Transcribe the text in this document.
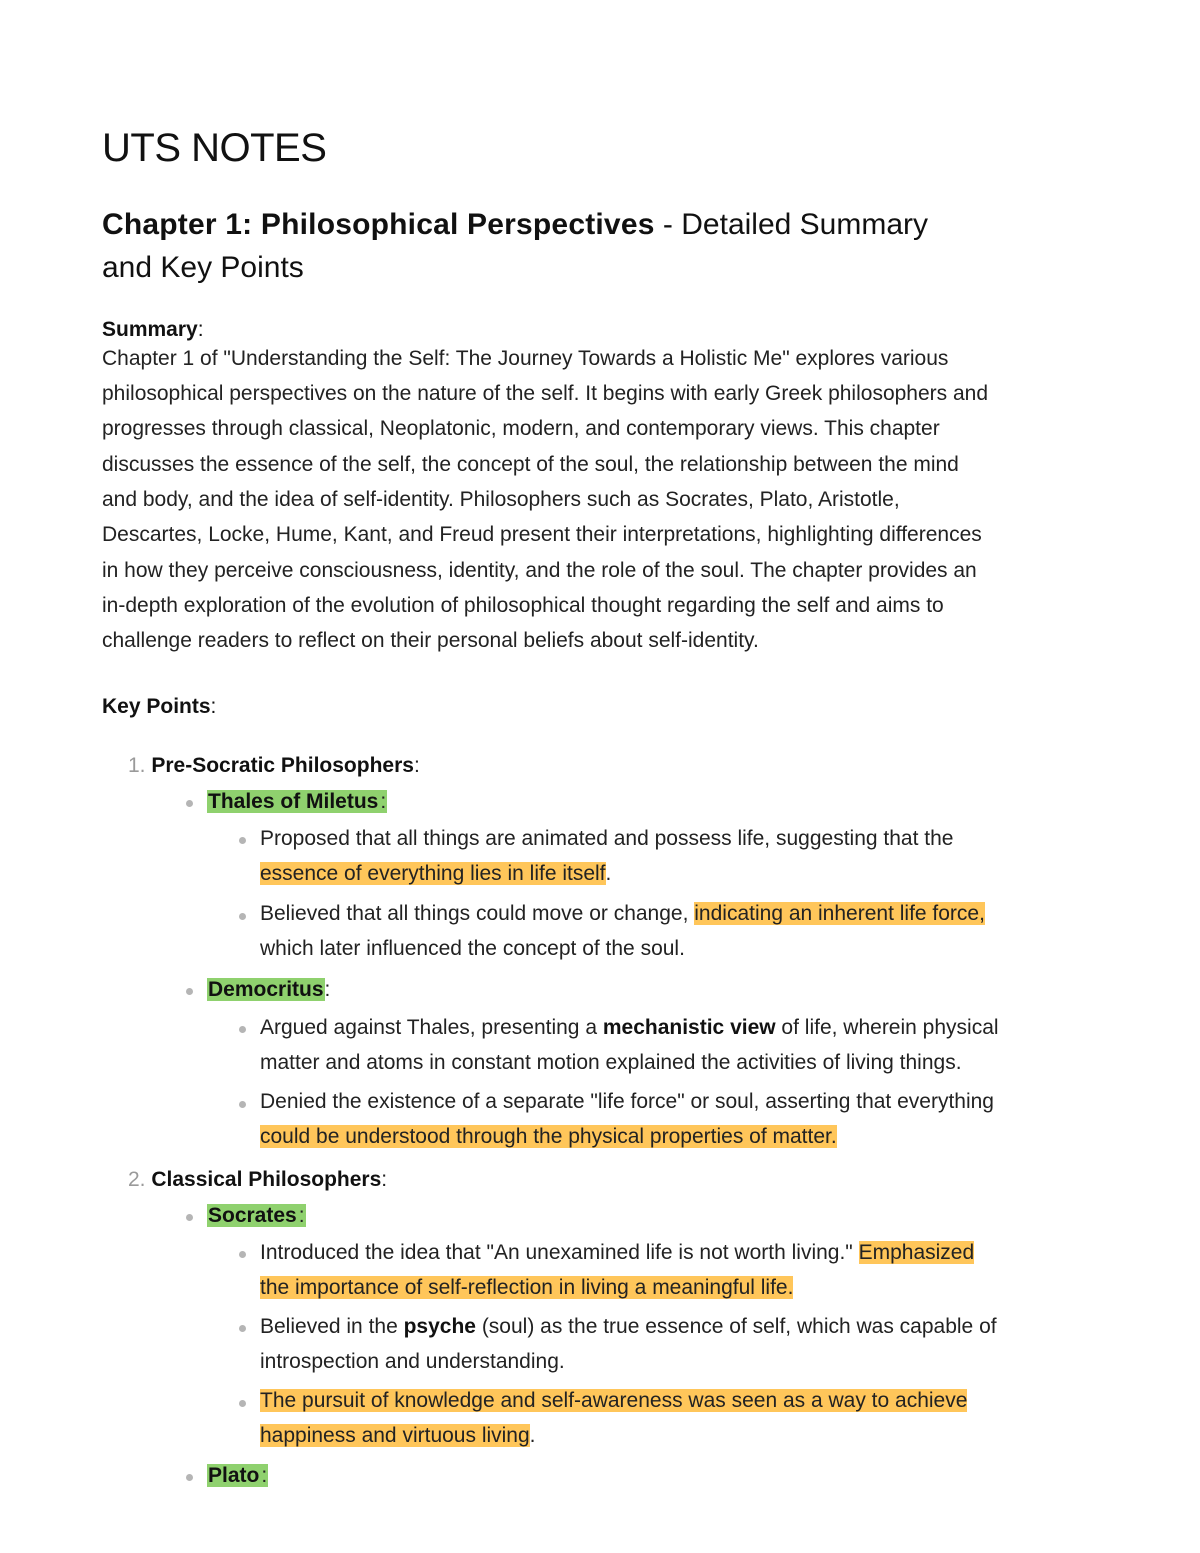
UTS NOTES
Chapter 1: Philosophical Perspectives - Detailed Summary
and Key Points
Summary:
Chapter 1 of "Understanding the Self: The Journey Towards a Holistic Me" explores various
philosophical perspectives on the nature of the self. It begins with early Greek philosophers and
progresses through classical, Neoplatonic, modern, and contemporary views. This chapter
discusses the essence of the self, the concept of the soul, the relationship between the mind
and body, and the idea of self-identity. Philosophers such as Socrates, Plato, Aristotle,
Descartes, Locke, Hume, Kant, and Freud present their interpretations, highlighting differences
in how they perceive consciousness, identity, and the role of the soul. The chapter provides an
in-depth exploration of the evolution of philosophical thought regarding the self and aims to
challenge readers to reflect on their personal beliefs about self-identity.
Key Points:
1. Pre-Socratic Philosophers:
Thales of Miletus:
Proposed that all things are animated and possess life, suggesting that the
essence of everything lies in life itself.
Believed that all things could move or change, indicating an inherent life force,
which later influenced the concept of the soul.
Democritus:
Argued against Thales, presenting a mechanistic view of life, wherein physical
matter and atoms in constant motion explained the activities of living things.
Denied the existence of a separate "life force" or soul, asserting that everything
could be understood through the physical properties of matter.
2. Classical Philosophers:
Socrates:
Introduced the idea that "An unexamined life is not worth living." Emphasized
the importance of self-reflection in living a meaningful life.
Believed in the psyche (soul) as the true essence of self, which was capable of
introspection and understanding.
The pursuit of knowledge and self-awareness was seen as a way to achieve
happiness and virtuous living.
Plato:
